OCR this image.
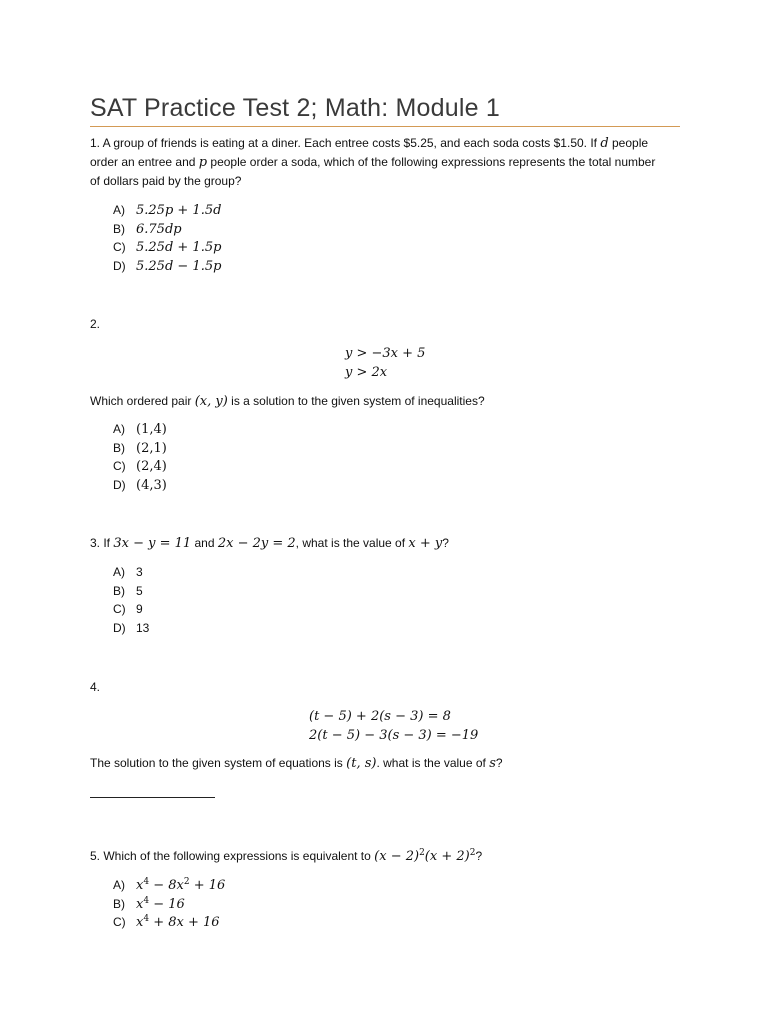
SAT Practice Test 2; Math: Module 1
1. A group of friends is eating at a diner. Each entree costs $5.25, and each soda costs $1.50. If d people
order an entree and p people order a soda, which of the following expressions represents the total number
of dollars paid by the group?
A) 5.25p + 1.5d
B) 6.75dp
C) 5.25d + 1.5p
D) 5.25d − 1.5p
2.
y > −3x + 5
y > 2x
Which ordered pair (x, y) is a solution to the given system of inequalities?
A) (1,4)
B) (2,1)
C) (2,4)
D) (4,3)
3. If 3x − y = 11 and 2x − 2y = 2, what is the value of x + y?
A) 3
B) 5
C) 9
D) 13
4.
(t − 5) + 2(s − 3) = 8
2(t − 5) − 3(s − 3) = −19
The solution to the given system of equations is (t, s). what is the value of s?
5. Which of the following expressions is equivalent to $(x - 2)^2(x + 2)^2$?
A) $x^4 - 8x^2 + 16$
B) $x^4 - 16$
C) $x^4 + 8x + 16$
